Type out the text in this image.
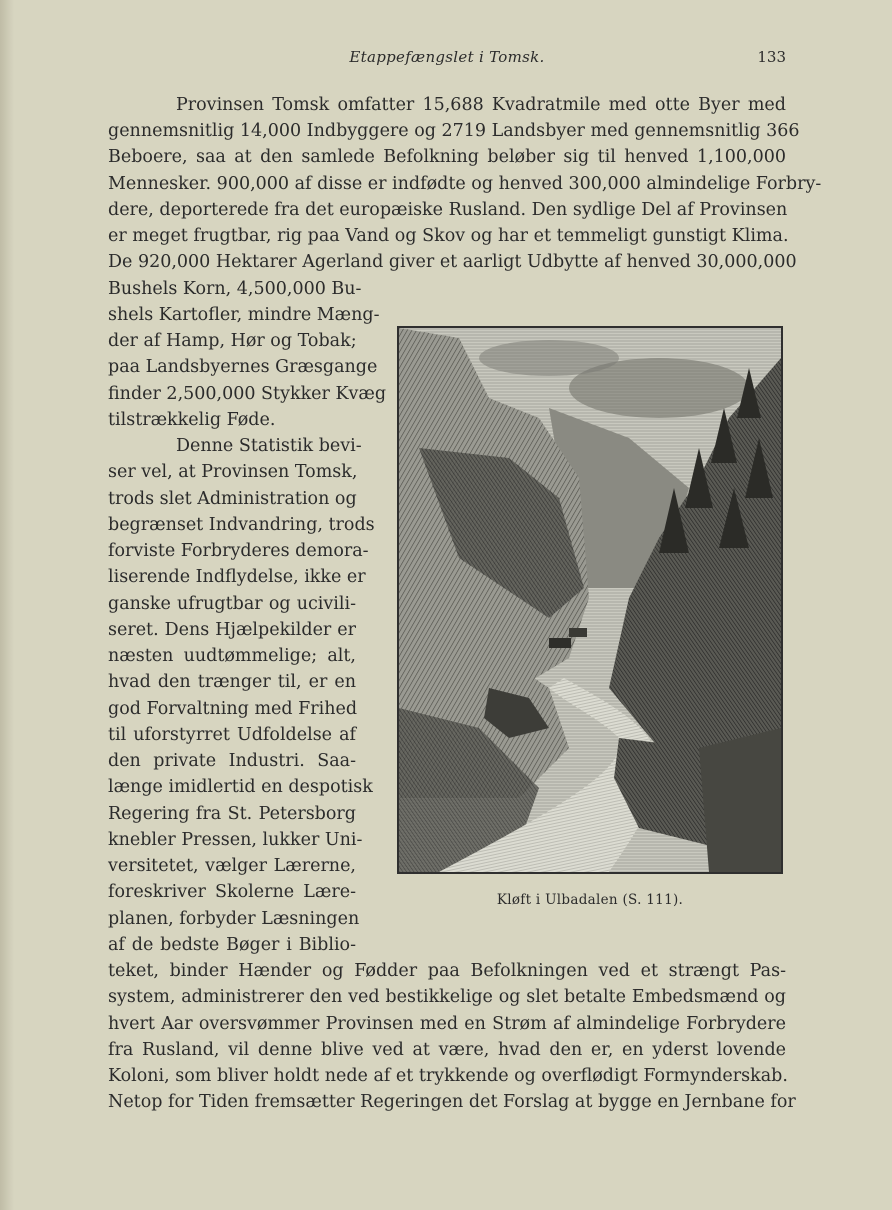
Etappefængslet i Tomsk.	133
Provinsen Tomsk omfatter 15,688 Kvadratmile med otte Byer med
gennemsnitlig 14,000 Indbyggere og 2719 Landsbyer med gennemsnitlig 366
Beboere, saa at den samlede Befolkning beløber sig til henved 1,100,000
Mennesker. 900,000 af disse er indfødte og henved 300,000 almindelige Forbry-
dere, deporterede fra det europæiske Rusland. Den sydlige Del af Provinsen
er meget frugtbar, rig paa Vand og Skov og har et temmeligt gunstigt Klima.
De 920,000 Hektarer Agerland giver et aarligt Udbytte af henved 30,000,000
Bushels Korn, 4,500,000 Bu-
shels Kartofler, mindre Mæng-
der af Hamp, Hør og Tobak;
paa Landsbyernes Græsgange
finder 2,500,000 Stykker Kvæg
tilstrækkelig Føde.
Denne Statistik bevi-
ser vel, at Provinsen Tomsk,
trods slet Administration og
begrænset Indvandring, trods
forviste Forbryderes demora-
liserende Indflydelse, ikke er
ganske ufrugtbar og ucivili-
seret. Dens Hjælpekilder er
næsten uudtømmelige; alt,
hvad den trænger til, er en
god Forvaltning med Frihed
til uforstyrret Udfoldelse af
den private Industri. Saa-
længe imidlertid en despotisk
Regering fra St. Petersborg
knebler Pressen, lukker Uni-
versitetet, vælger Lærerne,
foreskriver Skolerne Lære-
planen, forbyder Læsningen
af de bedste Bøger i Biblio-
teket, binder Hænder og Fødder paa Befolkningen ved et strængt Pas-
system, administrerer den ved bestikkelige og slet betalte Embedsmænd og
hvert Aar oversvømmer Provinsen med en Strøm af almindelige Forbrydere
fra Rusland, vil denne blive ved at være, hvad den er, en yderst lovende
Koloni, som bliver holdt nede af et trykkende og overflødigt Formynderskab.
Netop for Tiden fremsætter Regeringen det Forslag at bygge en Jernbane for
Kløft i Ulbadalen (S. 111).
